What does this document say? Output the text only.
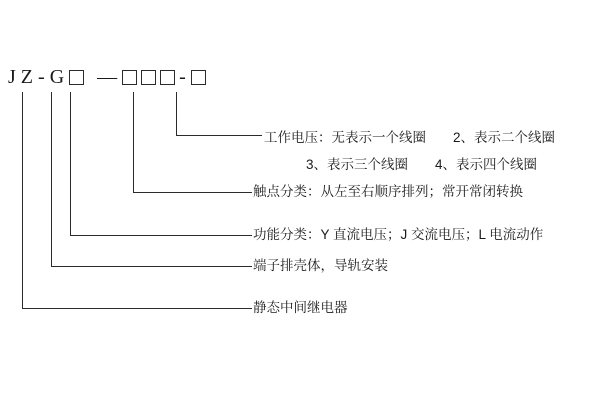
J Z - G —	-
工作电压：无表示一个线圈　　2、表示二个线圈
3、表示三个线圈　　4、表示四个线圈
触点分类：从左至右顺序排列；常开常闭转换
功能分类：Y 直流电压；J 交流电压；L 电流动作
端子排壳体，导轨安装
静态中间继电器
